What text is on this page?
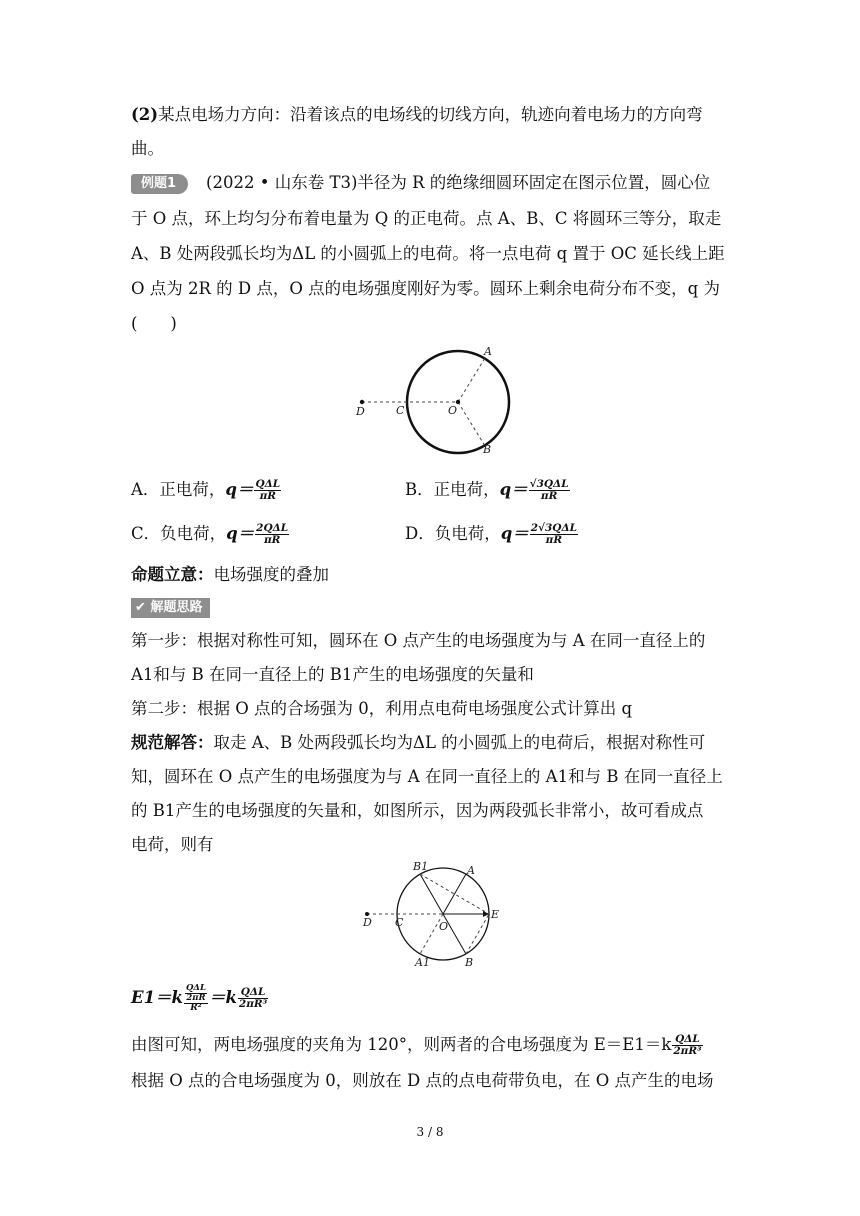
(2)某点电场力方向：沿着该点的电场线的切线方向，轨迹向着电场力的方向弯
曲。
例题1 (2022 • 山东卷 T3)半径为 R 的绝缘细圆环固定在图示位置，圆心位
于 O 点，环上均匀分布着电量为 Q 的正电荷。点 A、B、C 将圆环三等分，取走
A、B 处两段弧长均为ΔL 的小圆弧上的电荷。将一点电荷 q 置于 OC 延长线上距
O 点为 2R 的 D 点，O 点的电场强度刚好为零。圆环上剩余电荷分布不变，q 为
(　　)
A
B
C
D	O
A．正电荷，$q= \frac{\text{QΔL}}{\pi R}$	B．正电荷，$q= \frac{\text{√3QΔL}}{\pi R}$
C．负电荷，$q= \frac{\text{2QΔL}}{\pi R}$	D．负电荷，$q= \frac{\text{2√3QΔL}}{\pi R}$
命题立意：电场强度的叠加
✔ 解题思路
第一步：根据对称性可知，圆环在 O 点产生的电场强度为与 A 在同一直径上的
A1和与 B 在同一直径上的 B1产生的电场强度的矢量和
第二步：根据 O 点的合场强为 0，利用点电荷电场强度公式计算出 q
规范解答：取走 A、B 处两段弧长均为ΔL 的小圆弧上的电荷后，根据对称性可
知，圆环在 O 点产生的电场强度为与 A 在同一直径上的 A1和与 B 在同一直径上
的 B1产生的电场强度的矢量和，如图所示，因为两段弧长非常小，故可看成点
电荷，则有
B1	A
E
O
C
D
A1	B
$E1=k \frac{\frac{\text{QΔL}}{2\pi R}}{\text{R²}} =k \frac{\text{QΔL}}{\text{2πR³}}$
由图可知，两电场强度的夹角为 120°，则两者的合电场强度为 $E=E1=k \frac{\text{QΔL}}{\text{2πR³}}$
根据 O 点的合电场强度为 0，则放在 D 点的点电荷带负电，在 O 点产生的电场
3 / 8
